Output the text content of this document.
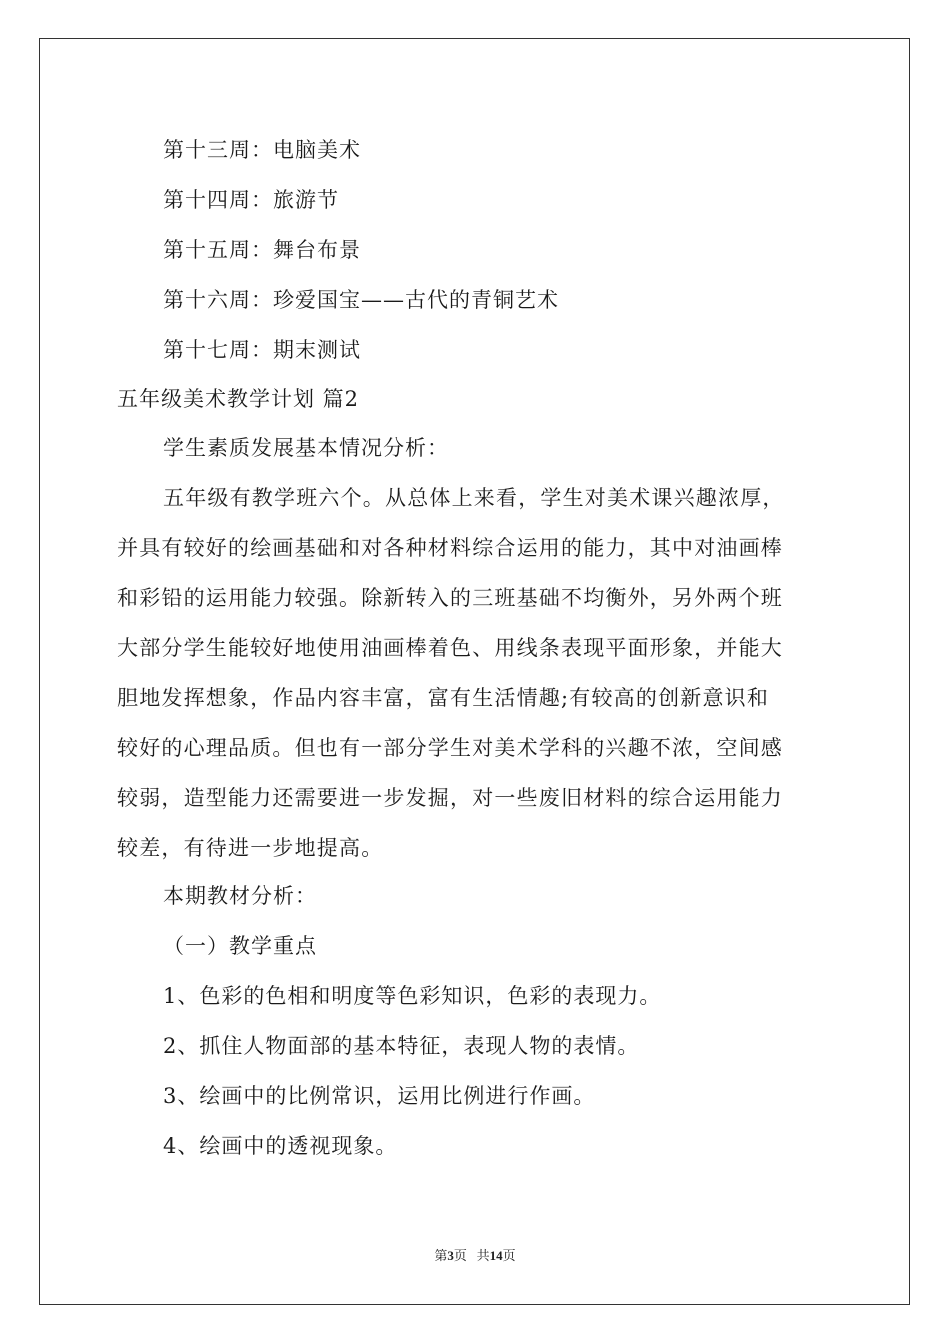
第十三周：电脑美术
第十四周：旅游节
第十五周：舞台布景
第十六周：珍爱国宝——古代的青铜艺术
第十七周：期末测试
五年级美术教学计划 篇2
学生素质发展基本情况分析：
五年级有教学班六个。从总体上来看，学生对美术课兴趣浓厚，
并具有较好的绘画基础和对各种材料综合运用的能力，其中对油画棒
和彩铅的运用能力较强。除新转入的三班基础不均衡外，另外两个班
大部分学生能较好地使用油画棒着色、用线条表现平面形象，并能大
胆地发挥想象，作品内容丰富，富有生活情趣;有较高的创新意识和
较好的心理品质。但也有一部分学生对美术学科的兴趣不浓，空间感
较弱，造型能力还需要进一步发掘，对一些废旧材料的综合运用能力
较差，有待进一步地提高。
本期教材分析：
（一）教学重点
1、色彩的色相和明度等色彩知识，色彩的表现力。
2、抓住人物面部的基本特征，表现人物的表情。
3、绘画中的比例常识，运用比例进行作画。
4、绘画中的透视现象。
第3页   共14页
